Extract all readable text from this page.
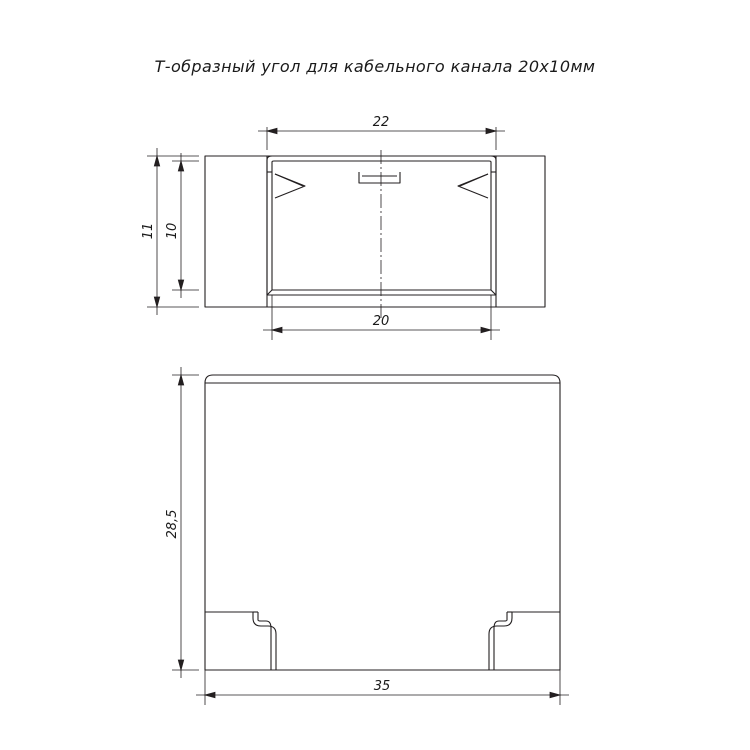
Т-образный угол для кабельного канала 20х10мм
22
20
11 10
28,5
35
